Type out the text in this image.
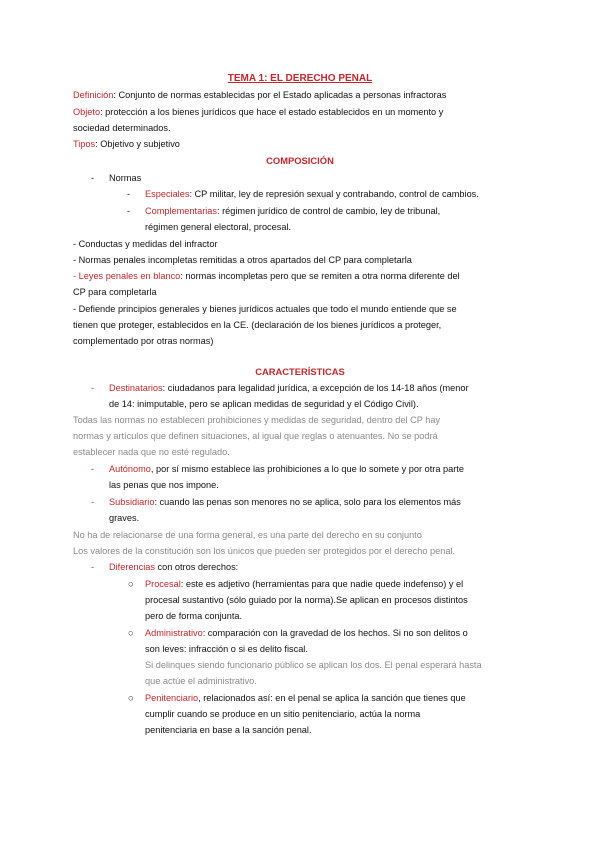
TEMA 1: EL DERECHO PENAL
Definición: Conjunto de normas establecidas por el Estado aplicadas a personas infractoras
Objeto: protección a los bienes jurídicos que hace el estado establecidos en un momento y
sociedad determinados.
Tipos: Objetivo y subjetivo
COMPOSICIÓN
- Normas
- Especiales: CP militar, ley de represión sexual y contrabando, control de cambios.
- Complementarias: régimen jurídico de control de cambio, ley de tribunal,
régimen general electoral, procesal.
- Conductas y medidas del infractor
- Normas penales incompletas remitidas a otros apartados del CP para completarla
- Leyes penales en blanco: normas incompletas pero que se remiten a otra norma diferente del
CP para completarla
- Defiende principios generales y bienes jurídicos actuales que todo el mundo entiende que se
tienen que proteger, establecidos en la CE. (declaración de los bienes jurídicos a proteger,
complementado por otras normas)
CARACTERÍSTICAS
- Destinatarios: ciudadanos para legalidad jurídica, a excepción de los 14-18 años (menor
de 14: inimputable, pero se aplican medidas de seguridad y el Código Civil).
Todas las normas no establecen prohibiciones y medidas de seguridad, dentro del CP hay
normas y artículos que definen situaciones, al igual que reglas o atenuantes. No se podrá
establecer nada que no esté regulado.
- Autónomo, por sí mismo establece las prohibiciones a lo que lo somete y por otra parte
las penas que nos impone.
- Subsidiario: cuando las penas son menores no se aplica, solo para los elementos más
graves.
No ha de relacionarse de una forma general, es una parte del derecho en su conjunto
Los valores de la constitución son los únicos que pueden ser protegidos por el derecho penal.
- Diferencias con otros derechos:
○ Procesal: este es adjetivo (herramientas para que nadie quede indefenso) y el
procesal sustantivo (sólo guiado por la norma).Se aplican en procesos distintos
pero de forma conjunta.
○ Administrativo: comparación con la gravedad de los hechos. Si no son delitos o
son leves: infracción o si es delito fiscal.
Si delinques siendo funcionario público se aplican los dos. El penal esperará hasta
que actúe el administrativo.
○ Penitenciario, relacionados así: en el penal se aplica la sanción que tienes que
cumplir cuando se produce en un sitio penitenciario, actúa la norma
penitenciaria en base a la sanción penal.
